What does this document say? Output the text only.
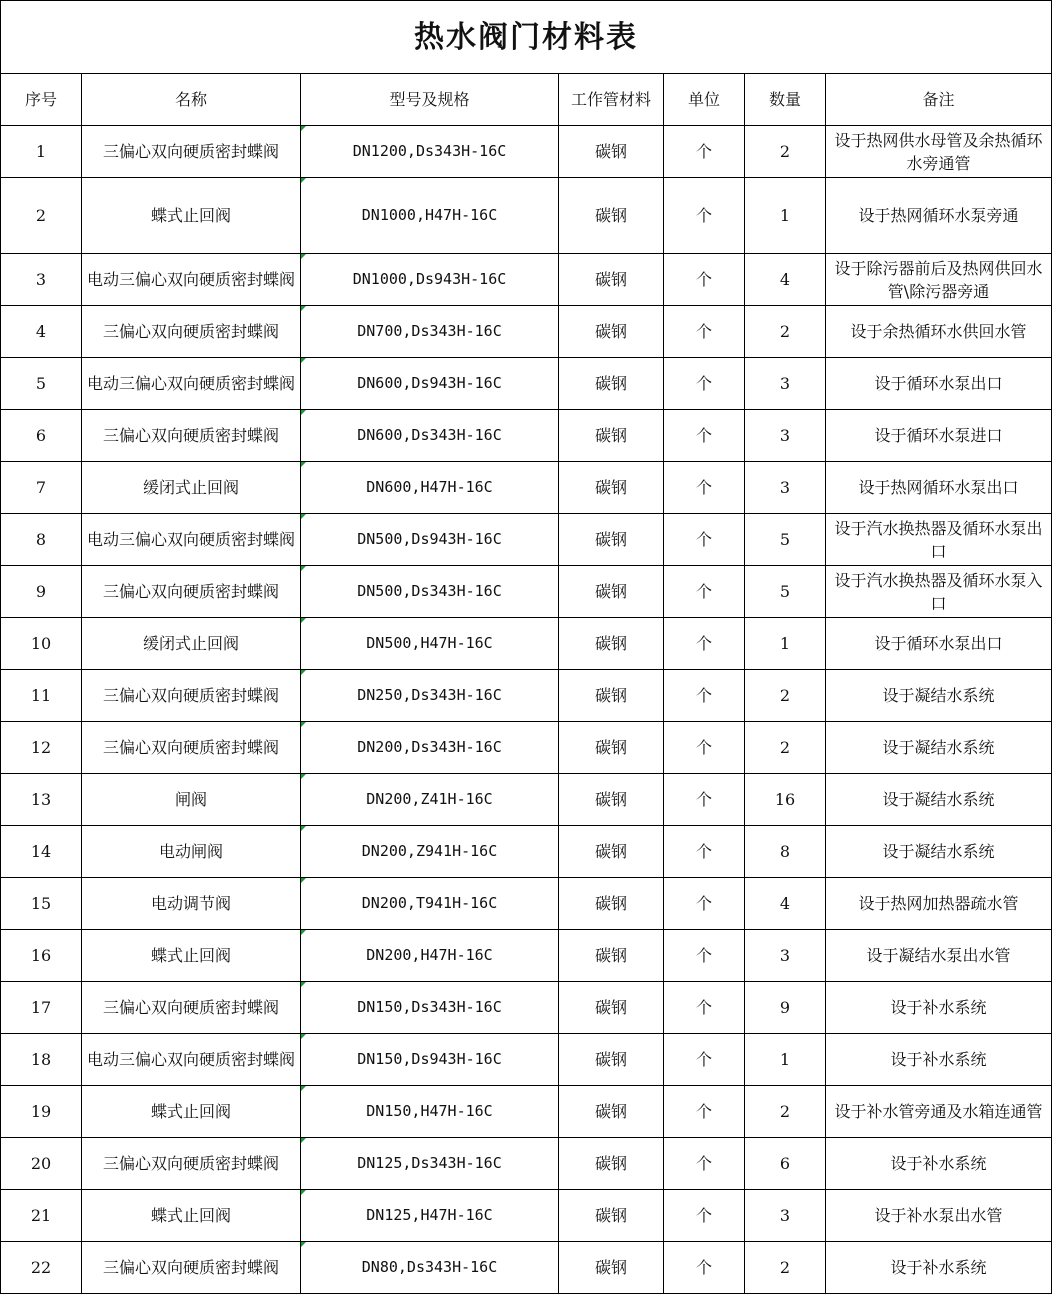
热水阀门材料表						
序号	名称	型号及规格	工作管材料	单位	数量	备注
1	三偏心双向硬质密封蝶阀	DN1200,Ds343H-16C	碳钢	个	2	设于热网供水母管及余热循环水旁通管
2	蝶式止回阀	DN1000,H47H-16C	碳钢	个	1	设于热网循环水泵旁通
3	电动三偏心双向硬质密封蝶阀	DN1000,Ds943H-16C	碳钢	个	4	设于除污器前后及热网供回水管\除污器旁通
4	三偏心双向硬质密封蝶阀	DN700,Ds343H-16C	碳钢	个	2	设于余热循环水供回水管
5	电动三偏心双向硬质密封蝶阀	DN600,Ds943H-16C	碳钢	个	3	设于循环水泵出口
6	三偏心双向硬质密封蝶阀	DN600,Ds343H-16C	碳钢	个	3	设于循环水泵进口
7	缓闭式止回阀	DN600,H47H-16C	碳钢	个	3	设于热网循环水泵出口
8	电动三偏心双向硬质密封蝶阀	DN500,Ds943H-16C	碳钢	个	5	设于汽水换热器及循环水泵出口
9	三偏心双向硬质密封蝶阀	DN500,Ds343H-16C	碳钢	个	5	设于汽水换热器及循环水泵入口
10	缓闭式止回阀	DN500,H47H-16C	碳钢	个	1	设于循环水泵出口
11	三偏心双向硬质密封蝶阀	DN250,Ds343H-16C	碳钢	个	2	设于凝结水系统
12	三偏心双向硬质密封蝶阀	DN200,Ds343H-16C	碳钢	个	2	设于凝结水系统
13	闸阀	DN200,Z41H-16C	碳钢	个	16	设于凝结水系统
14	电动闸阀	DN200,Z941H-16C	碳钢	个	8	设于凝结水系统
15	电动调节阀	DN200,T941H-16C	碳钢	个	4	设于热网加热器疏水管
16	蝶式止回阀	DN200,H47H-16C	碳钢	个	3	设于凝结水泵出水管
17	三偏心双向硬质密封蝶阀	DN150,Ds343H-16C	碳钢	个	9	设于补水系统
18	电动三偏心双向硬质密封蝶阀	DN150,Ds943H-16C	碳钢	个	1	设于补水系统
19	蝶式止回阀	DN150,H47H-16C	碳钢	个	2	设于补水管旁通及水箱连通管
20	三偏心双向硬质密封蝶阀	DN125,Ds343H-16C	碳钢	个	6	设于补水系统
21	蝶式止回阀	DN125,H47H-16C	碳钢	个	3	设于补水泵出水管
22	三偏心双向硬质密封蝶阀	DN80,Ds343H-16C	碳钢	个	2	设于补水系统
